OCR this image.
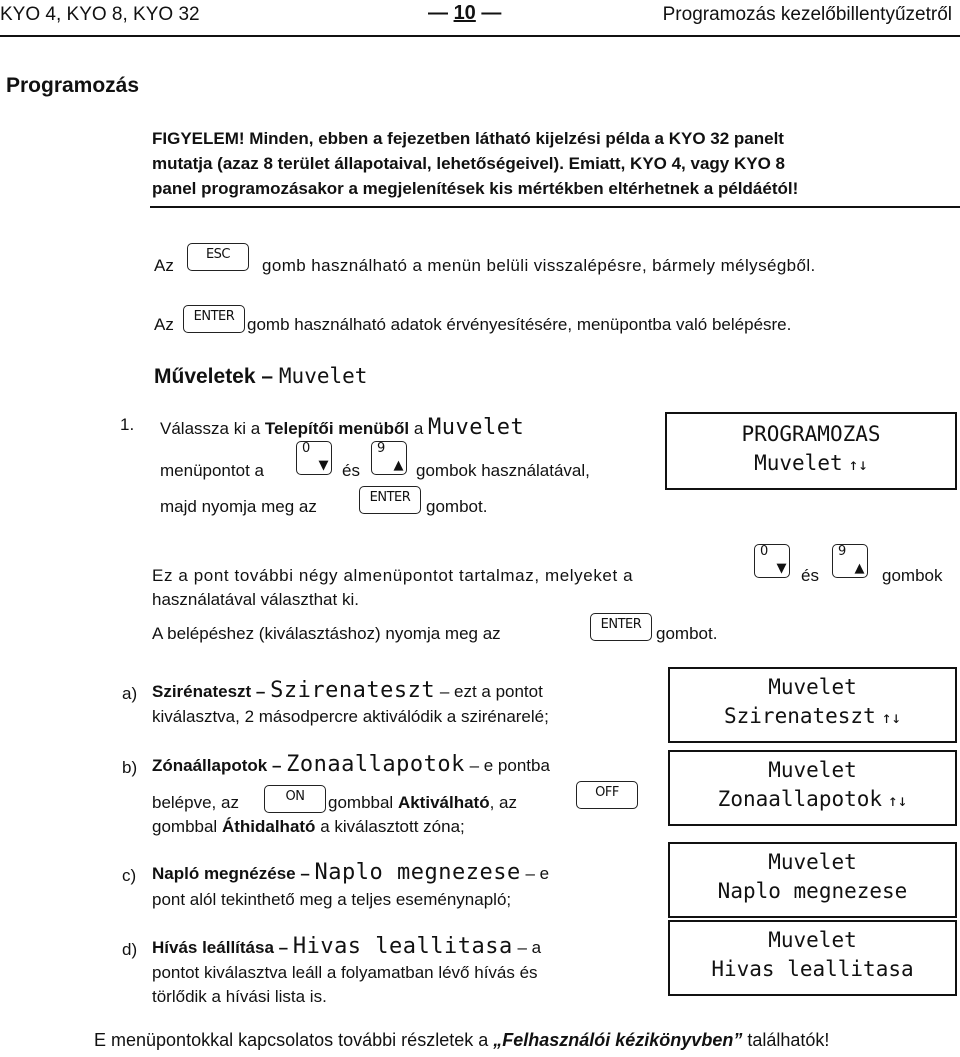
KYO 4, KYO 8, KYO 32	— 10 —	Programozás kezelőbillentyűzetről
Programozás
FIGYELEM! Minden, ebben a fejezetben látható kijelzési példa a KYO 32 panelt
mutatja (azaz 8 terület állapotaival, lehetőségeivel). Emiatt, KYO 4, vagy KYO 8
panel programozásakor a megjelenítések kis mértékben eltérhetnek a példáétól!
Az
ESC
gomb használható a menün belüli visszalépésre, bármely mélységből.
Az	ENTER gomb használható adatok érvényesítésére, menüpontba való belépésre.
Műveletek – Muvelet
1. Válassza ki a Telepítői menüből a Muvelet
menüpontot a
0
▼ és
9
▲ gombok használatával,
majd nyomja meg az	ENTER gombot.
PROGRAMOZAS
Muvelet ↑↓
Ez a pont további négy almenüpontot tartalmaz, melyeket a
0
▼ és
9
▲ gombok
használatával választhat ki.
A belépéshez (kiválasztáshoz) nyomja meg az	ENTER gombot.
a) Szirénateszt – Szirenateszt – ezt a pontot
kiválasztva, 2 másodpercre aktiválódik a szirénarelé;
Muvelet
Szirenateszt ↑↓
b) Zónaállapotok – Zonaallapotok – e pontba
belépve, az	ON	gombbal Aktiválható, az
OFF
gombbal Áthidalható a kiválasztott zóna;
Muvelet
Zonaallapotok ↑↓
c) Napló megnézése – Naplo megnezese – e
pont alól tekinthető meg a teljes eseménynapló;
Muvelet
Naplo megnezese
d) Hívás leállítása – Hivas leallitasa – a
pontot kiválasztva leáll a folyamatban lévő hívás és
törlődik a hívási lista is.
Muvelet
Hivas leallitasa
E menüpontokkal kapcsolatos további részletek a „Felhasználói kézikönyvben” találhatók!
